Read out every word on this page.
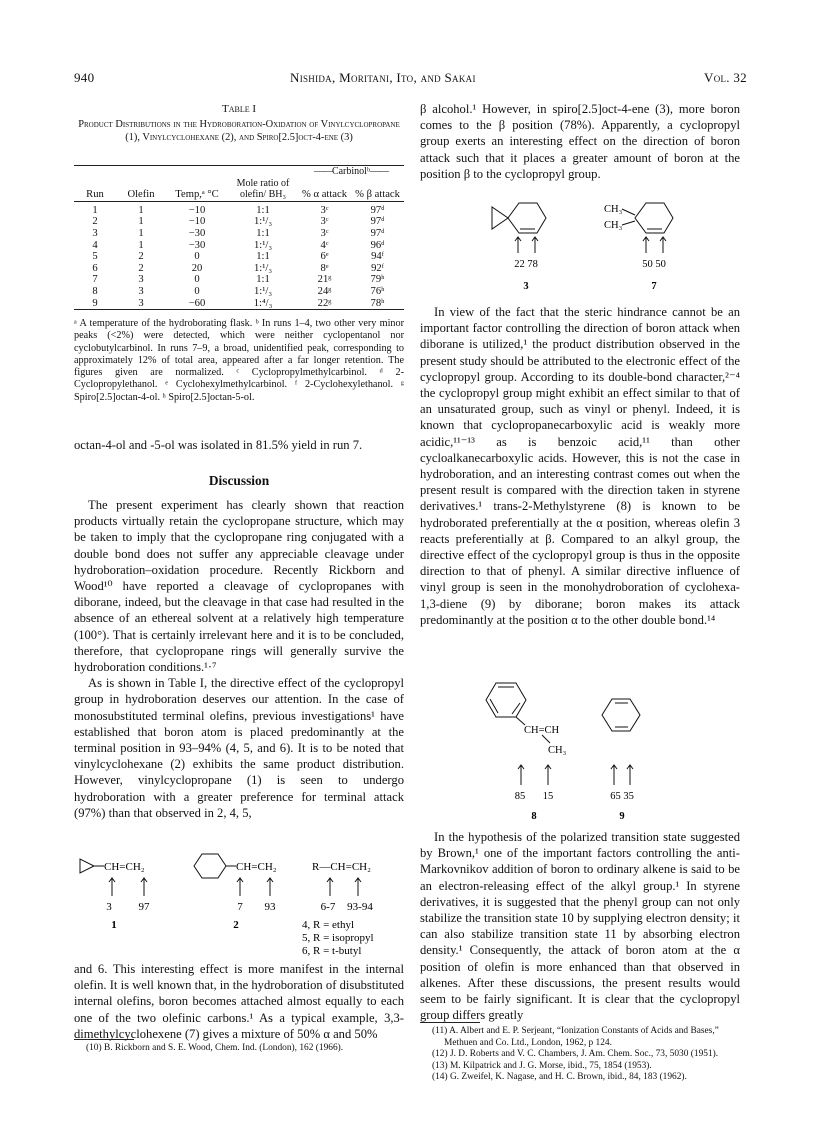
940	Nishida, Moritani, Ito, and Sakai	Vol. 32
Table I
Product Distributions in the Hydroboration-Oxidation of Vinylcyclopropane (1), Vinylcyclohexane (2), and Spiro[2.5]oct-4-ene (3)
				——Carbinolᵇ——	
Run	Olefin	Temp,ᵃ °C	Mole ratio of olefin/ BH₃	% α attack	% β attack
1	1	−10	1:1	3ᶜ	97ᵈ
2	1	−10	1:¹/₃	3ᶜ	97ᵈ
3	1	−30	1:1	3ᶜ	97ᵈ
4	1	−30	1:¹/₃	4ᶜ	96ᵈ
5	2	0	1:1	6ᵉ	94ᶠ
6	2	20	1:¹/₃	8ᵉ	92ᶠ
7	3	0	1:1	21ᵍ	79ʰ
8	3	0	1:¹/₃	24ᵍ	76ʰ
9	3	−60	1:⁴/₃	22ᵍ	78ʰ
ᵃ A temperature of the hydroborating flask. ᵇ In runs 1–4, two other very minor peaks (<2%) were detected, which were neither cyclopentanol nor cyclobutylcarbinol. In runs 7–9, a broad, unidentified peak, corresponding to approximately 12% of total area, appeared after a far longer retention. The figures given are normalized. ᶜ Cyclopropylmethylcarbinol. ᵈ 2-Cyclopropylethanol. ᵉ Cyclohexylmethylcarbinol. ᶠ 2-Cyclohexylethanol. ᵍ Spiro[2.5]octan-4-ol. ʰ Spiro[2.5]octan-5-ol.

octan-4-ol and -5-ol was isolated in 81.5% yield in run 7.

Discussion

The present experiment has clearly shown that reaction products virtually retain the cyclopropane structure, which may be taken to imply that the cyclopropane ring conjugated with a double bond does not suffer any appreciable cleavage under hydroboration–oxidation procedure. Recently Rickborn and Wood¹⁰ have reported a cleavage of cyclopropanes with diborane, indeed, but the cleavage in that case had resulted in the absence of an ethereal solvent at a relatively high temperature (100°). That is certainly irrelevant here and it is to be concluded, therefore, that cyclopropane rings will generally survive the hydroboration conditions.¹·⁷

As is shown in Table I, the directive effect of the cyclopropyl group in hydroboration deserves our attention. In the case of monosubstituted terminal olefins, previous investigations¹ have established that boron atom is placed predominantly at the terminal position in 93–94% (4, 5, and 6). It is to be noted that vinylcyclohexane (2) exhibits the same product distribution. However, vinylcyclopropane (1) is seen to undergo hydroboration with a greater preference for terminal attack (97%) than that observed in 2, 4, 5,

CH=CH₂
3 97
1
CH=CH₂
7 93
2
R—CH=CH₂
6-7 93-94
4, R = ethyl
5, R = isopropyl
6, R = t-butyl

and 6. This interesting effect is more manifest in the internal olefin. It is well known that, in the hydroboration of disubstituted internal olefins, boron becomes attached almost equally to each one of the two olefinic carbons.¹ As a typical example, 3,3-dimethylcyclohexene (7) gives a mixture of 50% α and 50%

(10) B. Rickborn and S. E. Wood, Chem. Ind. (London), 162 (1966).

β alcohol.¹ However, in spiro[2.5]oct-4-ene (3), more boron comes to the β position (78%). Apparently, a cyclopropyl group exerts an interesting effect on the direction of boron attack such that it places a greater amount of boron at the position β to the cyclopropyl group.

CH₃
CH₃
22 78
3
50 50
7

In view of the fact that the steric hindrance cannot be an important factor controlling the direction of boron attack when diborane is utilized,¹ the product distribution observed in the present study should be attributed to the electronic effect of the cyclopropyl group. According to its double-bond character,²⁻⁴ the cyclopropyl group might exhibit an effect similar to that of an unsaturated group, such as vinyl or phenyl. Indeed, it is known that cyclopropanecarboxylic acid is weakly more acidic,¹¹⁻¹³ as is benzoic acid,¹¹ than other cycloalkanecarboxylic acids. However, this is not the case in hydroboration, and an interesting contrast comes out when the present result is compared with the direction taken in styrene derivatives.¹ trans-2-Methylstyrene (8) is known to be hydroborated preferentially at the α position, whereas olefin 3 reacts preferentially at β. Compared to an alkyl group, the directive effect of the cyclopropyl group is thus in the opposite direction to that of phenyl. A similar directive influence of vinyl group is seen in the monohydroboration of cyclohexa-1,3-diene (9) by diborane; boron makes its attack predominantly at the position α to the other double bond.¹⁴

CH=CH
CH₃
85 15
8
65 35
9

In the hypothesis of the polarized transition state suggested by Brown,¹ one of the important factors controlling the anti-Markovnikov addition of boron to ordinary alkene is said to be an electron-releasing effect of the alkyl group.¹ In styrene derivatives, it is suggested that the phenyl group can not only stabilize the transition state 10 by supplying electron density; it can also stabilize transition state 11 by absorbing electron density.¹ Consequently, the attack of boron atom at the α position of olefin is more enhanced than that observed in alkenes. After these discussions, the present results would seem to be fairly significant. It is clear that the cyclopropyl group differs greatly

(11) A. Albert and E. P. Serjeant, “Ionization Constants of Acids and Bases,” Methuen and Co. Ltd., London, 1962, p 124.
(12) J. D. Roberts and V. C. Chambers, J. Am. Chem. Soc., 73, 5030 (1951).
(13) M. Kilpatrick and J. G. Morse, ibid., 75, 1854 (1953).
(14) G. Zweifel, K. Nagase, and H. C. Brown, ibid., 84, 183 (1962).
